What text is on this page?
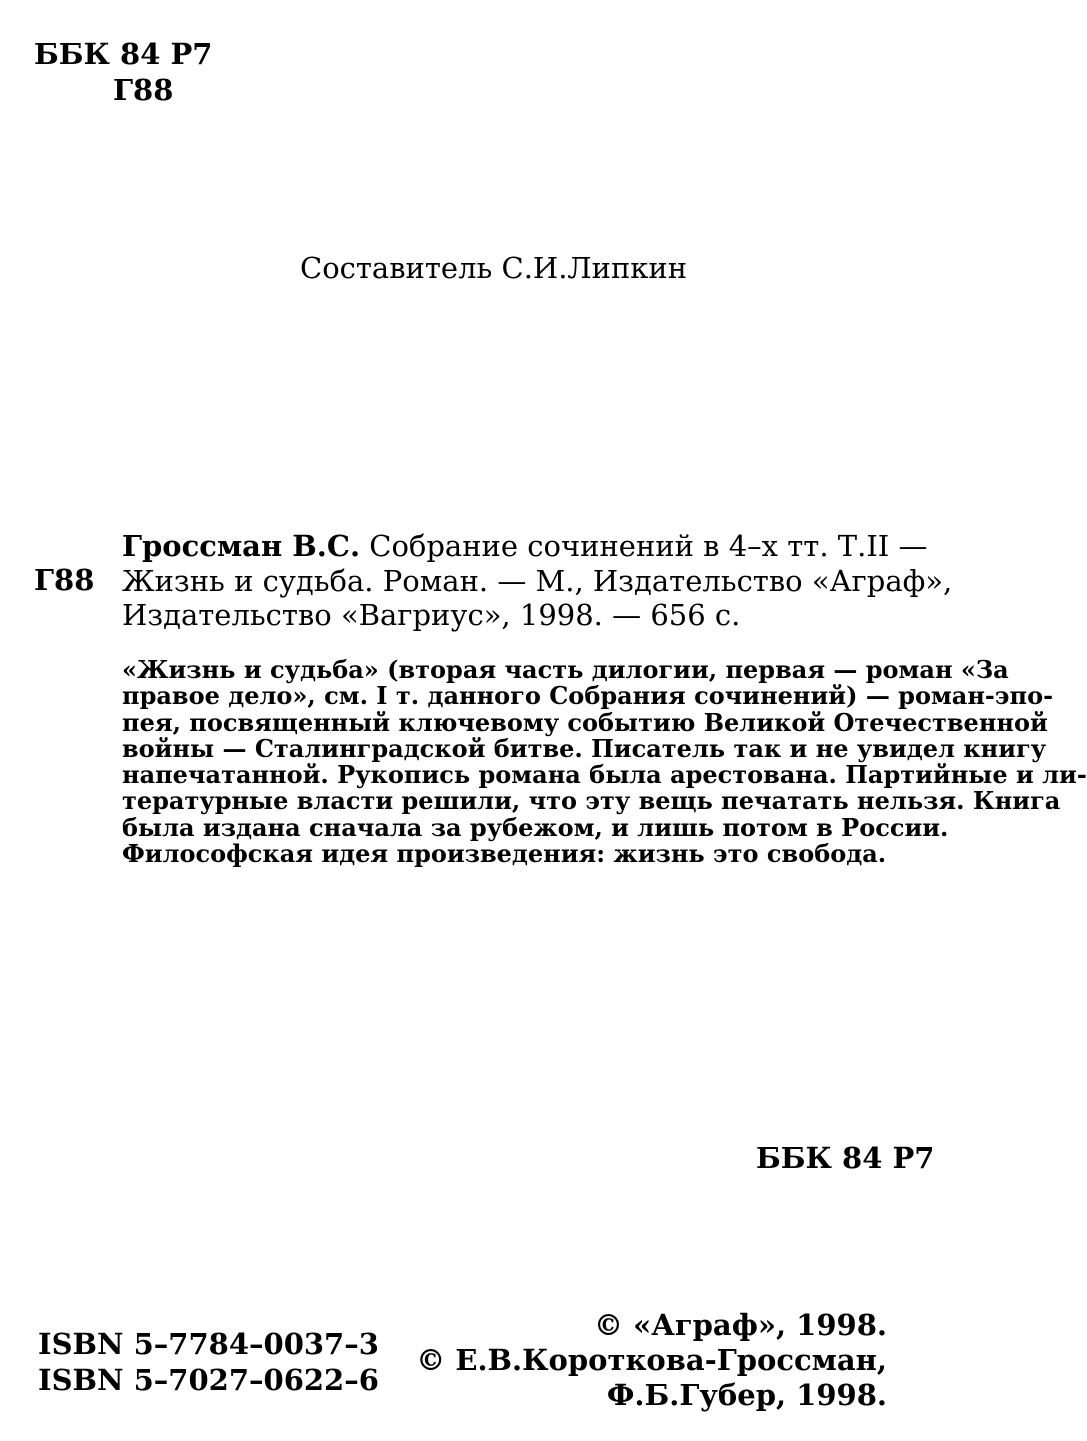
ББК 84 Р7
Г88
Составитель С.И.Липкин
Г88
Гроссман В.С. Собрание сочинений в 4–х тт. Т.II —
Жизнь и судьба. Роман. — М., Издательство «Аграф»,
Издательство «Вагриус», 1998. — 656 с.
«Жизнь и судьба» (вторая часть дилогии, первая — роман «За
правое дело», см. I т. данного Собрания сочинений) — роман-эпо-
пея, посвященный ключевому событию Великой Отечественной
войны — Сталинградской битве. Писатель так и не увидел книгу
напечатанной. Рукопись романа была арестована. Партийные и ли-
тературные власти решили, что эту вещь печатать нельзя. Книга
была издана сначала за рубежом, и лишь потом в России.
Философская идея произведения: жизнь это свобода.
ББК 84 Р7
ISBN 5–7784–0037–3
ISBN 5–7027–0622–6
© «Аграф», 1998.
© Е.В.Короткова-Гроссман,
Ф.Б.Губер, 1998.
